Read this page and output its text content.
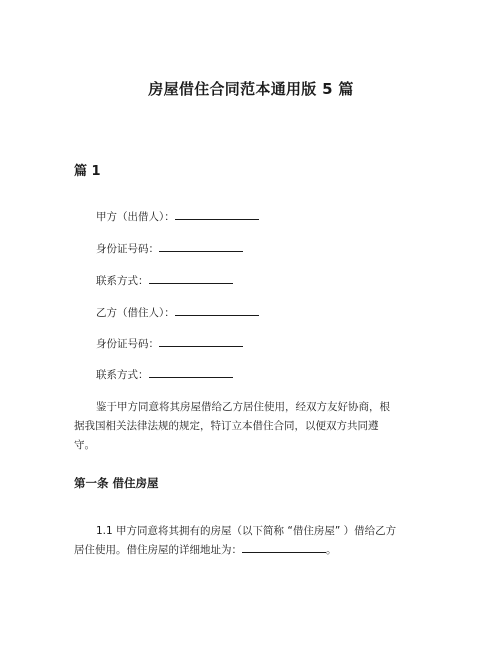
房屋借住合同范本通用版 5 篇
篇 1
甲方（出借人）：
身份证号码：
联系方式：
乙方（借住人）：
身份证号码：
联系方式：
鉴于甲方同意将其房屋借给乙方居住使用，经双方友好协商，根
据我国相关法律法规的规定，特订立本借住合同，以便双方共同遵
守。
第一条 借住房屋
1.1 甲方同意将其拥有的房屋（以下简称 “借住房屋” ）借给乙方
居住使用。借住房屋的详细地址为：	。
